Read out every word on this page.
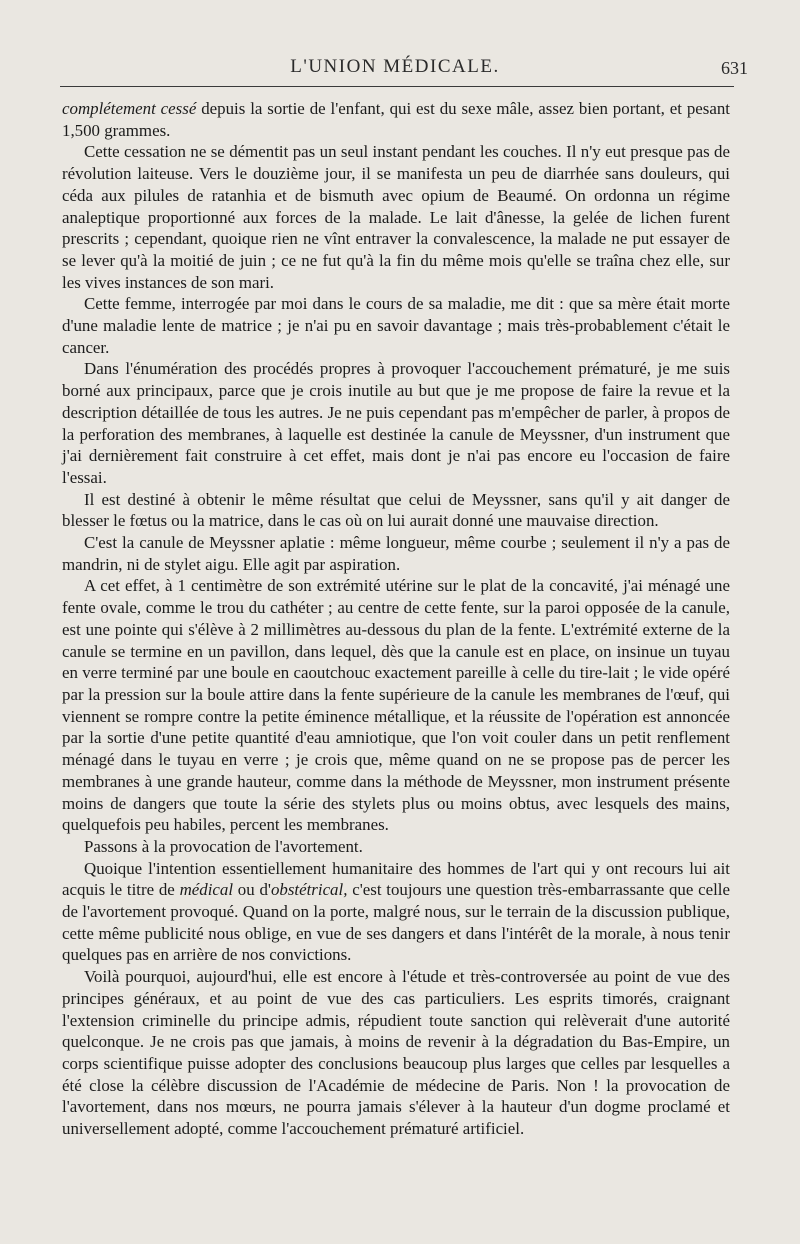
L'UNION MÉDICALE.	631

complétement cessé depuis la sortie de l'enfant, qui est du sexe mâle, assez bien portant, et pesant 1,500 grammes.

Cette cessation ne se démentit pas un seul instant pendant les couches. Il n'y eut presque pas de révolution laiteuse. Vers le douzième jour, il se manifesta un peu de diarrhée sans douleurs, qui céda aux pilules de ratanhia et de bismuth avec opium de Beaumé. On ordonna un régime analeptique proportionné aux forces de la malade. Le lait d'ânesse, la gelée de lichen furent prescrits ; cependant, quoique rien ne vînt entraver la convalescence, la malade ne put essayer de se lever qu'à la moitié de juin ; ce ne fut qu'à la fin du même mois qu'elle se traîna chez elle, sur les vives instances de son mari.

Cette femme, interrogée par moi dans le cours de sa maladie, me dit : que sa mère était morte d'une maladie lente de matrice ; je n'ai pu en savoir davantage ; mais très-probablement c'était le cancer.

Dans l'énumération des procédés propres à provoquer l'accouchement prématuré, je me suis borné aux principaux, parce que je crois inutile au but que je me propose de faire la revue et la description détaillée de tous les autres. Je ne puis cependant pas m'empêcher de parler, à propos de la perforation des membranes, à laquelle est destinée la canule de Meyssner, d'un instrument que j'ai dernièrement fait construire à cet effet, mais dont je n'ai pas encore eu l'occasion de faire l'essai.

Il est destiné à obtenir le même résultat que celui de Meyssner, sans qu'il y ait danger de blesser le fœtus ou la matrice, dans le cas où on lui aurait donné une mauvaise direction.

C'est la canule de Meyssner aplatie : même longueur, même courbe ; seulement il n'y a pas de mandrin, ni de stylet aigu. Elle agit par aspiration.

A cet effet, à 1 centimètre de son extrémité utérine sur le plat de la concavité, j'ai ménagé une fente ovale, comme le trou du cathéter ; au centre de cette fente, sur la paroi opposée de la canule, est une pointe qui s'élève à 2 millimètres au-dessous du plan de la fente. L'extrémité externe de la canule se termine en un pavillon, dans lequel, dès que la canule est en place, on insinue un tuyau en verre terminé par une boule en caoutchouc exactement pareille à celle du tire-lait ; le vide opéré par la pression sur la boule attire dans la fente supérieure de la canule les membranes de l'œuf, qui viennent se rompre contre la petite éminence métallique, et la réussite de l'opération est annoncée par la sortie d'une petite quantité d'eau amniotique, que l'on voit couler dans un petit renflement ménagé dans le tuyau en verre ; je crois que, même quand on ne se propose pas de percer les membranes à une grande hauteur, comme dans la méthode de Meyssner, mon instrument présente moins de dangers que toute la série des stylets plus ou moins obtus, avec lesquels des mains, quelquefois peu habiles, percent les membranes.

Passons à la provocation de l'avortement.

Quoique l'intention essentiellement humanitaire des hommes de l'art qui y ont recours lui ait acquis le titre de médical ou d'obstétrical, c'est toujours une question très-embarrassante que celle de l'avortement provoqué. Quand on la porte, malgré nous, sur le terrain de la discussion publique, cette même publicité nous oblige, en vue de ses dangers et dans l'intérêt de la morale, à nous tenir quelques pas en arrière de nos convictions.

Voilà pourquoi, aujourd'hui, elle est encore à l'étude et très-controversée au point de vue des principes généraux, et au point de vue des cas particuliers. Les esprits timorés, craignant l'extension criminelle du principe admis, répudient toute sanction qui relèverait d'une autorité quelconque. Je ne crois pas que jamais, à moins de revenir à la dégradation du Bas-Empire, un corps scientifique puisse adopter des conclusions beaucoup plus larges que celles par lesquelles a été close la célèbre discussion de l'Académie de médecine de Paris. Non ! la provocation de l'avortement, dans nos mœurs, ne pourra jamais s'élever à la hauteur d'un dogme proclamé et universellement adopté, comme l'accouchement prématuré artificiel.
